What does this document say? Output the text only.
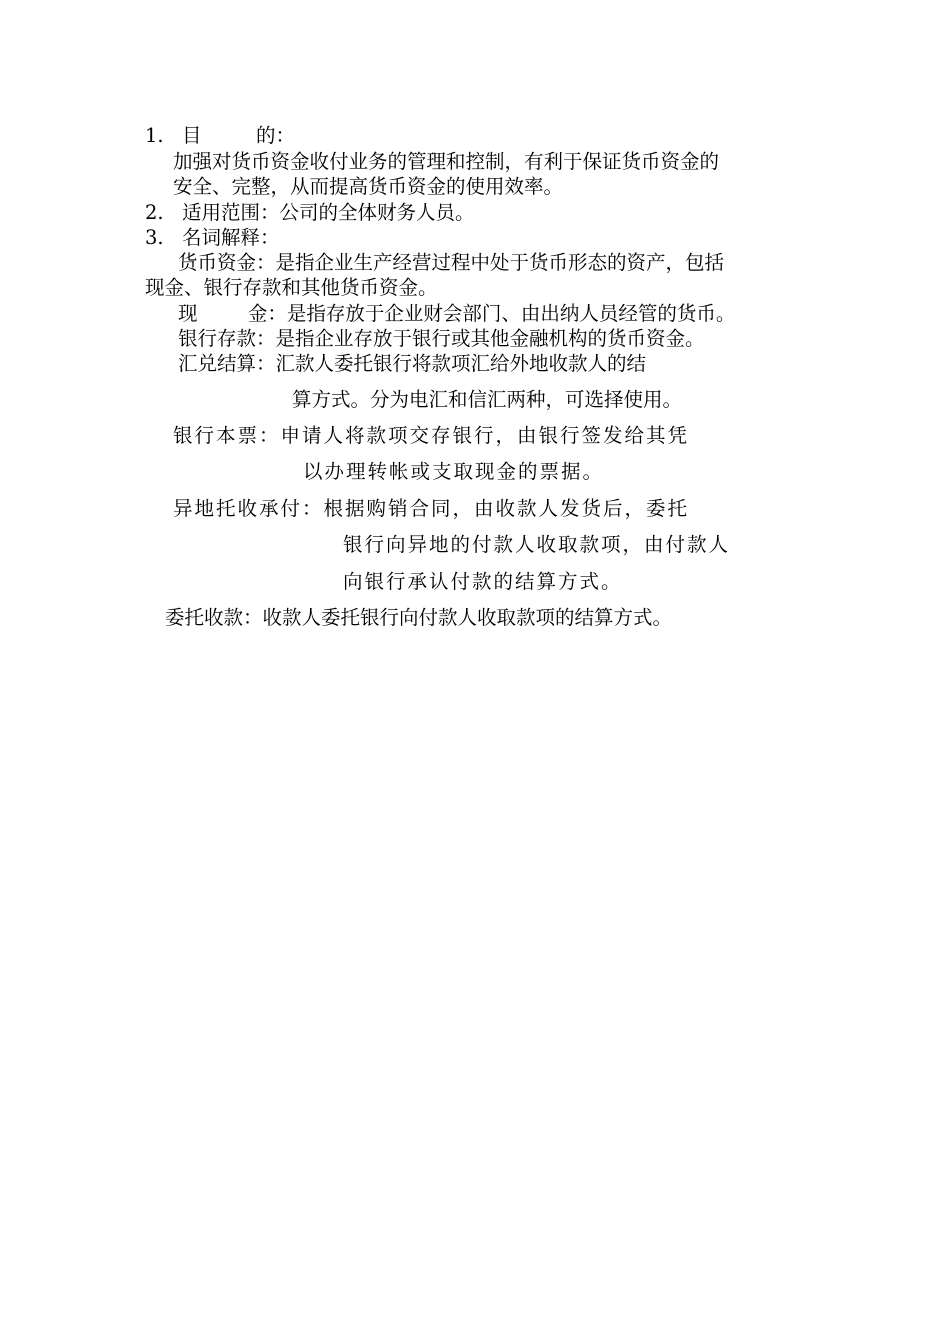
1. 目	的：
加强对货币资金收付业务的管理和控制，有利于保证货币资金的
安全、完整，从而提高货币资金的使用效率。
2. 适用范围：公司的全体财务人员。
3. 名词解释：
货币资金：是指企业生产经营过程中处于货币形态的资产，包括
现金、银行存款和其他货币资金。
现	金：是指存放于企业财会部门、由出纳人员经管的货币。
银行存款：是指企业存放于银行或其他金融机构的货币资金。
汇兑结算：汇款人委托银行将款项汇给外地收款人的结
算方式。分为电汇和信汇两种，可选择使用。
银行本票：申请人将款项交存银行，由银行签发给其凭
以办理转帐或支取现金的票据。
异地托收承付：根据购销合同，由收款人发货后，委托
银行向异地的付款人收取款项，由付款人
向银行承认付款的结算方式。
委托收款：收款人委托银行向付款人收取款项的结算方式。
